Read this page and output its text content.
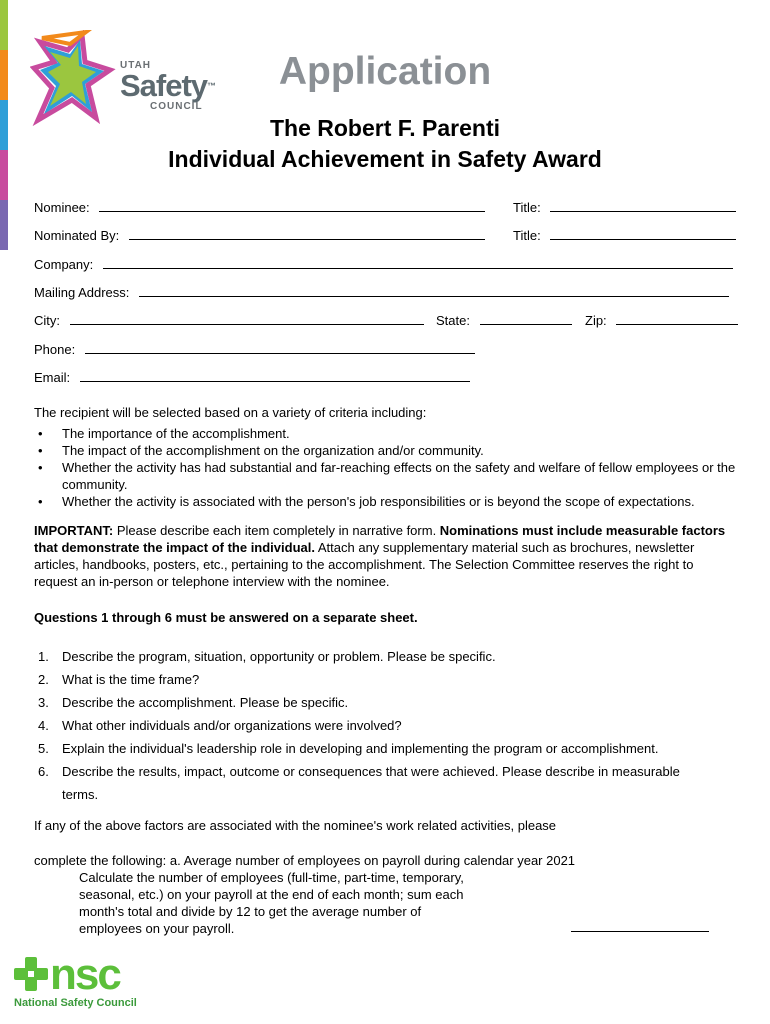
UTAH
Safety™
COUNCIL
Application
The Robert F. Parenti
Individual Achievement in Safety Award
Nominee:	Title:
Nominated By:	Title:
Company:
Mailing Address:
City:	State:	Zip:
Phone:
Email:
The recipient will be selected based on a variety of criteria including:
• The importance of the accomplishment.
• The impact of the accomplishment on the organization and/or community.
• Whether the activity has had substantial and far-reaching effects on the safety and welfare of fellow employees or the community.
• Whether the activity is associated with the person's job responsibilities or is beyond the scope of expectations.
IMPORTANT: Please describe each item completely in narrative form. Nominations must include measurable factors that demonstrate the impact of the individual. Attach any supplementary material such as brochures, newsletter articles, handbooks, posters, etc., pertaining to the accomplishment. The Selection Committee reserves the right to request an in-person or telephone interview with the nominee.
Questions 1 through 6 must be answered on a separate sheet.
1. Describe the program, situation, opportunity or problem. Please be specific.
2. What is the time frame?
3. Describe the accomplishment. Please be specific.
4. What other individuals and/or organizations were involved?
5. Explain the individual's leadership role in developing and implementing the program or accomplishment.
6. Describe the results, impact, outcome or consequences that were achieved. Please describe in measurable
terms.
If any of the above factors are associated with the nominee's work related activities, please
complete the following: a. Average number of employees on payroll during calendar year 2021
Calculate the number of employees (full-time, part-time, temporary,
seasonal, etc.) on your payroll at the end of each month; sum each
month's total and divide by 12 to get the average number of
employees on your payroll.
nsc
National Safety Council
